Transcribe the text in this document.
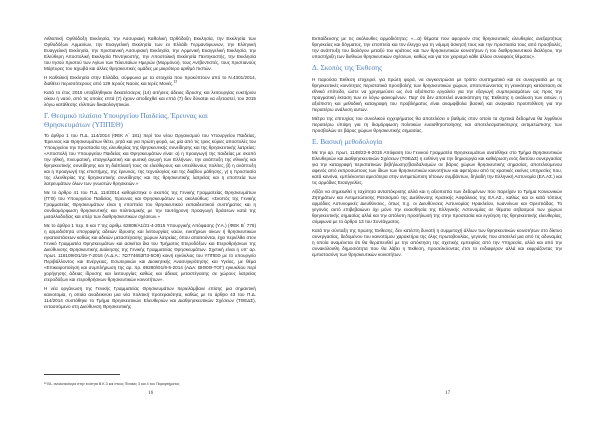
Αιθιοπική Ορθόδοξη Εκκλησία, την Ασσυριακή Καθολική Ορθόδοξη Εκκλησία, την Εκκλησία των Ορθοδόξων Αρμενίων, την Ευαγγελική Εκκλησία των εν Ελλάδι Γερμανόφωνων, την Ελληνική Ευαγγελική Εκκλησία, την Χριστιανική Ασσυριακή Εκκλησία, την Αρμενική Ευαγγελική Εκκλησία, την Ελεύθερη Αποστολική Εκκλησία Πεντηκοστής, την Αποστολική Εκκλησία Πεντηκοστής, την Εκκλησία του Ιησού Χριστού των Αγίων των Τελευταίων Ημερών (Μορμόνοι), τους Αντβεντιστές, τους Χριστιανούς Μάρτυρες του Ιεχωβά και άλλες θρησκευτικές ομάδες με μικρότερο αριθμό πιστών.

Η Καθολική Εκκλησία στην Ελλάδα, σύμφωνα με τα στοιχεία που προκύπτουν από το Ν.4301/2014, διαθέτει περισσότερους από 129 Ιερούς Ναούς και Ιερές Μονές.$^{12}$

Κατά το έτος 2015 υποβλήθηκαν δεκατέσσερις (14) αιτήσεις άδειας ίδρυσης και λειτουργίας ευκτήριου οίκου ή ναού, από τις οποίες επτά (7) έχουν αποδεχθεί και επτά (7) δεν δύναται να εξεταστεί, του 2015 λόγω κατάθεσης ελλιπών δικαιολογητικών.

Γ. Θεσμικό πλαίσιο Υπουργείου Παιδείας, Έρευνας και Θρησκευμάτων (ΥΠΠΕΘ)

Το άρθρο 1 του Π.Δ. 114/2014 (ΦΕΚ Α΄ 181) περί του νέου Οργανισμού του Υπουργείου Παιδείας, Έρευνας και Θρησκευμάτων θέτει, ρητά και για πρώτη φορά, ως μία από τις τρεις κύριες αποστολές του Υπουργείου την προστασία της ελευθερίας της θρησκευτικής συνείδησης και της θρησκευτικής λατρείας: «Αποστολή του Υπουργείου Παιδείας και Θρησκευμάτων είναι: α) η προαγωγή της παιδείας με σκοπό την ηθική, πνευματική, επαγγελματική και φυσική αγωγή των Ελλήνων, την ανάπτυξη της εθνικής και θρησκευτικής συνείδησης και τη διάπλασή τους σε ελεύθερους και υπεύθυνους πολίτες, β) η ανάπτυξη και η προαγωγή της επιστήμης, της έρευνας, της τεχνολογίας και της διαβίου μάθησης, γ) η προστασία της ελευθερίας της θρησκευτικής συνείδησης και της θρησκευτικής λατρείας και η εποπτεία των λατρευμάτων όλων των γνωστών θρησκειών.»

Με το άρθρο 41 του Π.Δ. 114/2014 καθορίστηκε ο σκοπός της Γενικής Γραμματείας Θρησκευμάτων (ΓΓΘ) του Υπουργείου Παιδείας, Έρευνας και Θρησκευμάτων ως ακολούθως: «Σκοπός της Γενικής Γραμματείας Θρησκευμάτων είναι η εποπτεία του θρησκευτικού εκπαιδευτικού συστήματος και η συνδιαμόρφωση θρησκευτικής και πολιτισμικής με την ταυτόχρονη προαγωγή δράσεων κατά της μισαλλοδοξίας και υπέρ των διαθρησκευτικών σχέσεων.»

Με το άρθρο 1 περ. 6 και 7 της αριθμ. 62809/Α1/21-4-2015 Υπουργικής Απόφασης (Υ.Α.) (ΦΕΚ Β΄ 776) η αρμοδιότητα υπογραφής αδειών ίδρυσης και λειτουργίας ναών, ευκτήριων οίκων ή θρησκευτικών εγκαταστάσεων καθώς και αδειών μεταστέγασης χώρων λατρείας, όπου απαιτούνται, έχει περιέλθει στον Γενικό Γραμματέα Θρησκευμάτων και ασκείται δια του Τμήματος Ετεροδόξων και Ετεροθρήσκων της Διεύθυνσης Θρησκευτικής Διοίκησης της Γενικής Γραμματείας Θρησκευμάτων. Σχετική είναι η υπ' αρ. πρωτ. 118109/Θ1/19-7-2016 (Α.Δ.Α.: 7Ω774653Π3-5Ο9) κοινή εγκύκλιος του ΥΠΠΕΘ με το υπουργείο Περιβάλλοντος και Ενέργειας, Εσωτερικών και Διοικητικής Ανασυγκρότησης και Υγείας, με θέμα «Επικαιροποίηση και συμπλήρωση της αρ. πρ. 69280/Θ1/6-5-2014 (ΑΔΑ: ΒΙΘ0Θ-ΤΟΓ) εγκυκλίου περί χορήγησης άδειας ίδρυσης και λειτουργίας καθώς και άδειας μεταστέγασης σε χώρους λατρείας ετεροδόξων και ετεροθρήσκων θρησκευτικών κοινοτήτων».

Η νέα οργάνωση της Γενικής Γραμματείας Θρησκευμάτων περιελάμβανε επίσης μια σημαντική καινοτομία, η οποία αναδεικνύει μια νέα πολιτική προτεραιότητα, καθώς με το άρθρο 43 του Π.Δ. 114/2014 συστάθηκε το Τμήμα Θρησκευτικών Ελευθεριών και Διαθρησκευτικών Σχέσεων (ΤΘΕΔΣ), εντασσόμενο στη Διεύθυνση Θρησκευτικής

¹² Βλ. αναλυτικότερα στην ενότητα Β.Κ.3 και στους Πίνακες 3 και 4 του Παραρτήματος
16

Εκπαίδευσης με τις ακόλουθες αρμοδιότητες: «...α) θέματα που αφορούν στις θρησκευτικές ελευθερίες ανεξαρτήτως θρησκείας και δόγματος, την εποπτεία και τον έλεγχο για τη νόμιμη άσκησή τους και την προστασία τους από προσβολές, την ανάπτυξη του διαλόγου μεταξύ του κράτους και των θρησκευτικών κοινοτήτων ή του διαθρησκευτικού διαλόγου, την υποστήριξη των διεθνών θρησκευτικών σχέσεων, καθώς και για τον χειρισμό κάθε άλλου συναφούς θέματος».

Δ. Σκοπός της Έκθεσης

Η παρούσα Έκθεση επιχειρεί, για πρώτη φορά, να συγκεντρώσει με τρόπο συστηματικό και σε συνεργασία με τις θρησκευτικές κοινότητες περιστατικά προσβολής των θρησκευτικών χώρων, αποτυπώνοντας τη γενικότερη κατάσταση σε εθνικό επίπεδο, ώστε να χρησιμεύσει ως ένα αξιόπιστο εργαλείο για την εξαγωγή συμπερασμάτων ως προς την πραγματική έκταση των εν λόγω φαινομένων. Παρ' ότι δεν αποτελεί ανασκόπηση της Έκθεσης η ανάλυση των αιτιών, η αξιόπιστη και μεθοδική καταγραφή του προβλήματος είναι αναμφίβολα βασική και αναγκαία προϋπόθεση για την περαιτέρω ανάλυση αυτών.

Μέτρο της επιτυχίας του συνολικού εγχειρήματος θα αποτελέσει ο βαθμός στον οποίο τα σχετικά δεδομένα θα ληφθούν περαιτέρω υπόψη για τη διαμόρφωση πολιτικών ευαισθητοποίησης και αποτελεσματικότερης αντιμετώπισης των προσβολών σε βάρος χώρων θρησκευτικής σημασίας.

Ε. Βασική μεθοδολογία

Με την αρ. πρωτ. 1148/22-6-2015 Απόφαση του Γενικού Γραμματέα Θρησκευμάτων ανατέθηκε στο Τμήμα Θρησκευτικών Ελευθεριών και Διαθρησκευτικών Σχέσεων (ΤΘΕΔΣ) η ευθύνη για την δημιουργία και καθιέρωση ενός δικτύου συνεργασίας για την καταγραφή περιστατικών βεβήλωσης/βανδαλισμών σε βάρος χώρων θρησκευτικής σημασίας, αποτελούμενου αφενός από εκπροσώπους των ίδιων των θρησκευτικών κοινοτήτων και αφετέρου από τις κρατικές εκείνες υπηρεσίες που, κατά κανόνα, εμπλέκονται αμεσότερα στην αντιμετώπιση τέτοιων συμβάντων, δηλαδή την Ελληνική Αστυνομία (ΕΛ.ΑΣ.) και τις αρμόδιες Εισαγγελίες.

Αξίζει να σημειωθεί η ταχύτητα ανταπόκρισης αλλά και η αξιοπιστία των δεδομένων που παρείχαν το Τμήμα Κοινωνικών Ζητημάτων και Αντιμετώπισης Ρατσισμού της Διεύθυνσης Κρατικής Ασφάλειας της ΕΛ.ΑΣ., καθώς και οι κατά τόπους αρμόδιες Αστυνομικές Διευθύνσεις, όπως π.χ. οι Διευθύνσεις Αστυνομίας Ηρακλείου, Ιωαννίνων και Ορεστιάδας. Το γεγονός αυτό επιβεβαιώνει όχι μόνο την ευαισθησία της Ελληνικής Αστυνομίας σε θέματα σεβασμού των χώρων θρησκευτικής σημασίας αλλά και την απόλυτη προσήλωσή της στην προστασία και εγγύηση της θρησκευτικής ελευθερίας, σύμφωνα με το άρθρο 13 του Συντάγματος.

Κατά την σύνταξη της πρώτης Έκθεσης, δεν κατέστη δυνατή η συμμετοχή άλλων των θρησκευτικών κοινοτήτων στο δίκτυο συνεργασίας, δεδομένου του καινοτόμου χαρακτήρα της όλης πρωτοβουλίας, γεγονός που αποτελεί μια από τις αδυναμίες η οποία αναμένεται ότι θα θεραπευθεί με την απόκτηση της σχετικής εμπειρίας από την Υπηρεσία, αλλά και από την συνακόλουθη δημοσιότητα που θα λάβει η Έκθεση, προσελκύοντας έτσι το ενδιαφέρον αλλά και εκφράζοντας την εμπιστοσύνη των θρησκευτικών κοινοτήτων.

17
